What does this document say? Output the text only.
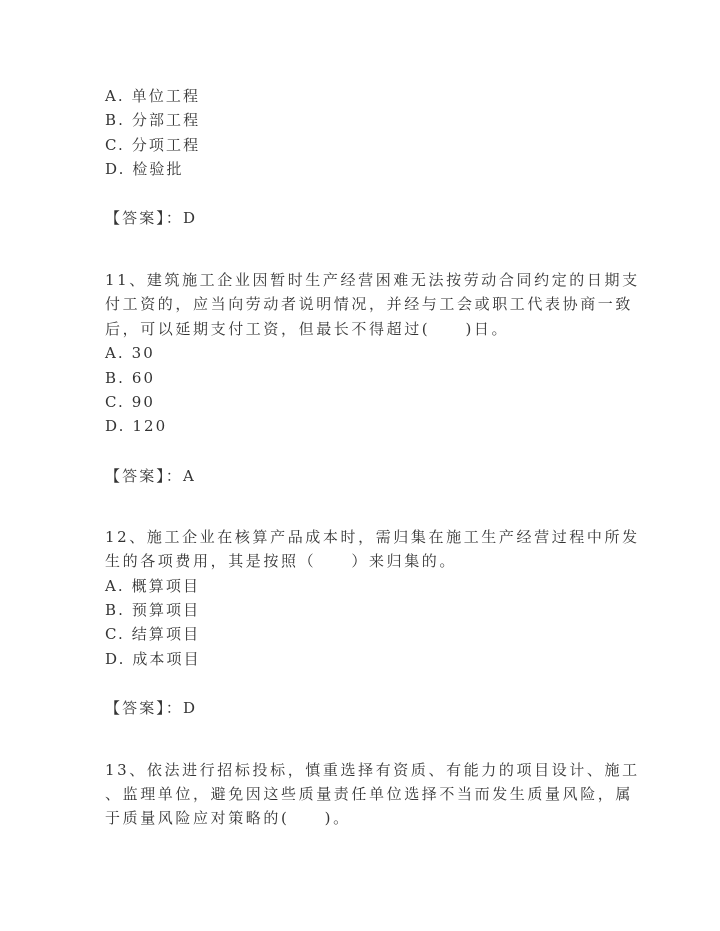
A. 单位工程
B. 分部工程
C. 分项工程
D. 检验批
【答案】：D
11、建筑施工企业因暂时生产经营困难无法按劳动合同约定的日期支
付工资的，应当向劳动者说明情况，并经与工会或职工代表协商一致
后，可以延期支付工资，但最长不得超过(　　)日。
A. 30
B. 60
C. 90
D. 120
【答案】：A
12、施工企业在核算产品成本时，需归集在施工生产经营过程中所发
生的各项费用，其是按照（　　）来归集的。
A. 概算项目
B. 预算项目
C. 结算项目
D. 成本项目
【答案】：D
13、依法进行招标投标，慎重选择有资质、有能力的项目设计、施工
、监理单位，避免因这些质量责任单位选择不当而发生质量风险，属
于质量风险应对策略的(　　)。
